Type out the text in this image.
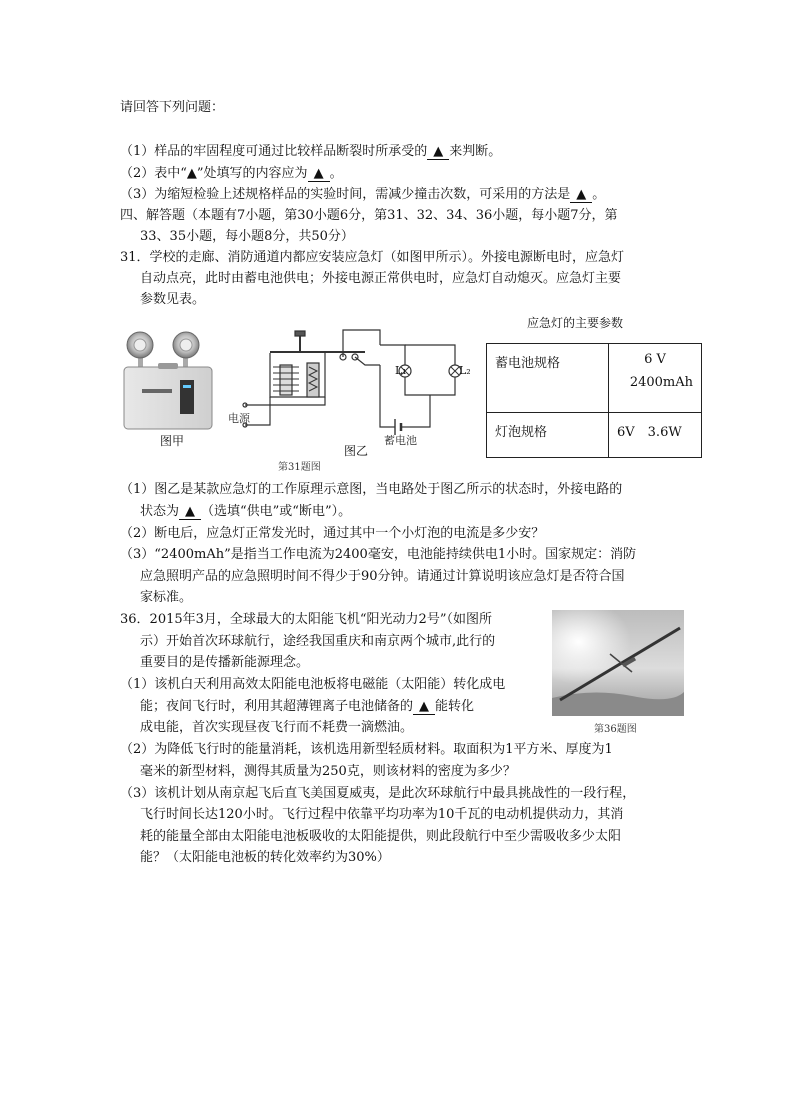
请回答下列问题：
（1）样品的牢固程度可通过比较样品断裂时所承受的 ▲ 来判断。
（2）表中“▲”处填写的内容应为 ▲ 。
（3）为缩短检验上述规格样品的实验时间，需减少撞击次数，可采用的方法是 ▲ 。
四、解答题（本题有7小题，第30小题6分，第31、32、34、36小题，每小题7分，第
33、35小题，每小题8分，共50分）
31．学校的走廊、消防通道内都应安装应急灯（如图甲所示）。外接电源断电时，应急灯
自动点亮，此时由蓄电池供电；外接电源正常供电时，应急灯自动熄灭。应急灯主要
参数见表。
图甲
L₁	L₂
电源
蓄电池
图乙
第31题图
应急灯的主要参数
蓄电池规格	6 V
2400mAh

灯泡规格	6V　3.6W
（1）图乙是某款应急灯的工作原理示意图，当电路处于图乙所示的状态时，外接电路的
状态为 ▲ （选填“供电”或“断电”）。
（2）断电后，应急灯正常发光时，通过其中一个小灯泡的电流是多少安？
（3）“2400mAh”是指当工作电流为2400毫安，电池能持续供电1小时。国家规定：消防
应急照明产品的应急照明时间不得少于90分钟。请通过计算说明该应急灯是否符合国
家标准。
36．2015年3月，全球最大的太阳能飞机“阳光动力2号”（如图所
示）开始首次环球航行，途经我国重庆和南京两个城市,此行的
重要目的是传播新能源理念。
（1）该机白天利用高效太阳能电池板将电磁能（太阳能）转化成电
能；夜间飞行时，利用其超薄锂离子电池储备的 ▲ 能转化
成电能，首次实现昼夜飞行而不耗费一滴燃油。	第36题图
（2）为降低飞行时的能量消耗，该机选用新型轻质材料。取面积为1平方米、厚度为1
毫米的新型材料，测得其质量为250克，则该材料的密度为多少？
（3）该机计划从南京起飞后直飞美国夏威夷，是此次环球航行中最具挑战性的一段行程，
飞行时间长达120小时。飞行过程中依靠平均功率为10千瓦的电动机提供动力，其消
耗的能量全部由太阳能电池板吸收的太阳能提供，则此段航行中至少需吸收多少太阳
能？（太阳能电池板的转化效率约为30%）
